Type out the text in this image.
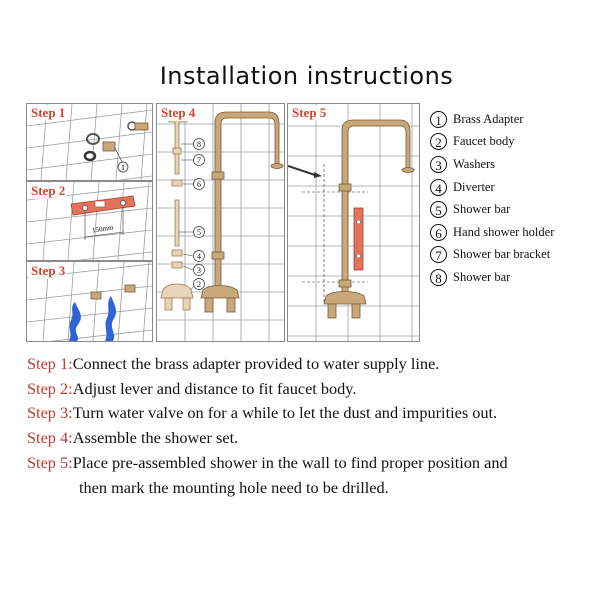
Installation instructions
1
Step 1
150mm
Step 2
Step 3
8
7
6
5
4
3
2
Step 4	Step 5
1 Brass Adapter
2 Faucet body
3 Washers
4 Diverter
5 Shower bar
6 Hand shower holder
7 Shower bar bracket
8 Shower bar
Step 1:Connect the brass adapter provided to water supply line.
Step 2:Adjust lever and distance to fit faucet body.
Step 3:Turn water valve on for a while to let the dust and impurities out.
Step 4:Assemble the shower set.
Step 5:Place pre-assembled shower in the wall to find proper position and
then mark the mounting hole need to be drilled.
